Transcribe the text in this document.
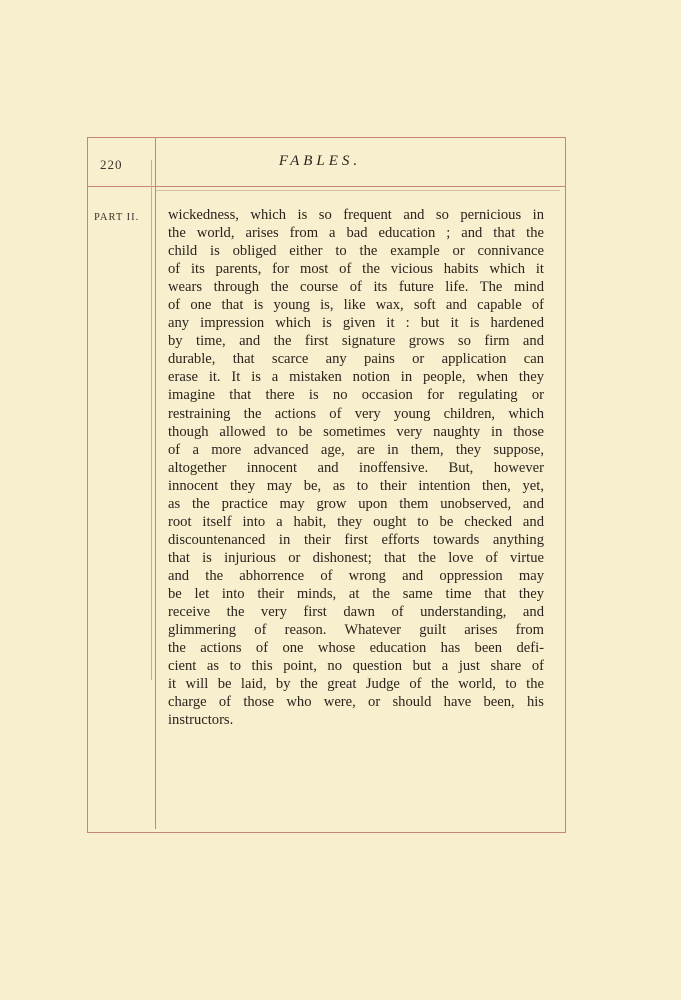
220	FABLES.
PART II.	wickedness, which is so frequent and so pernicious in
the world, arises from a bad education ; and that the
child is obliged either to the example or connivance
of its parents, for most of the vicious habits which it
wears through the course of its future life. The mind
of one that is young is, like wax, soft and capable of
any impression which is given it : but it is hardened
by time, and the first signature grows so firm and
durable, that scarce any pains or application can
erase it. It is a mistaken notion in people, when they
imagine that there is no occasion for regulating or
restraining the actions of very young children, which
though allowed to be sometimes very naughty in those
of a more advanced age, are in them, they suppose,
altogether innocent and inoffensive. But, however
innocent they may be, as to their intention then, yet,
as the practice may grow upon them unobserved, and
root itself into a habit, they ought to be checked and
discountenanced in their first efforts towards anything
that is injurious or dishonest; that the love of virtue
and the abhorrence of wrong and oppression may
be let into their minds, at the same time that they
receive the very first dawn of understanding, and
glimmering of reason. Whatever guilt arises from
the actions of one whose education has been defi-
cient as to this point, no question but a just share of
it will be laid, by the great Judge of the world, to the
charge of those who were, or should have been, his
instructors.
